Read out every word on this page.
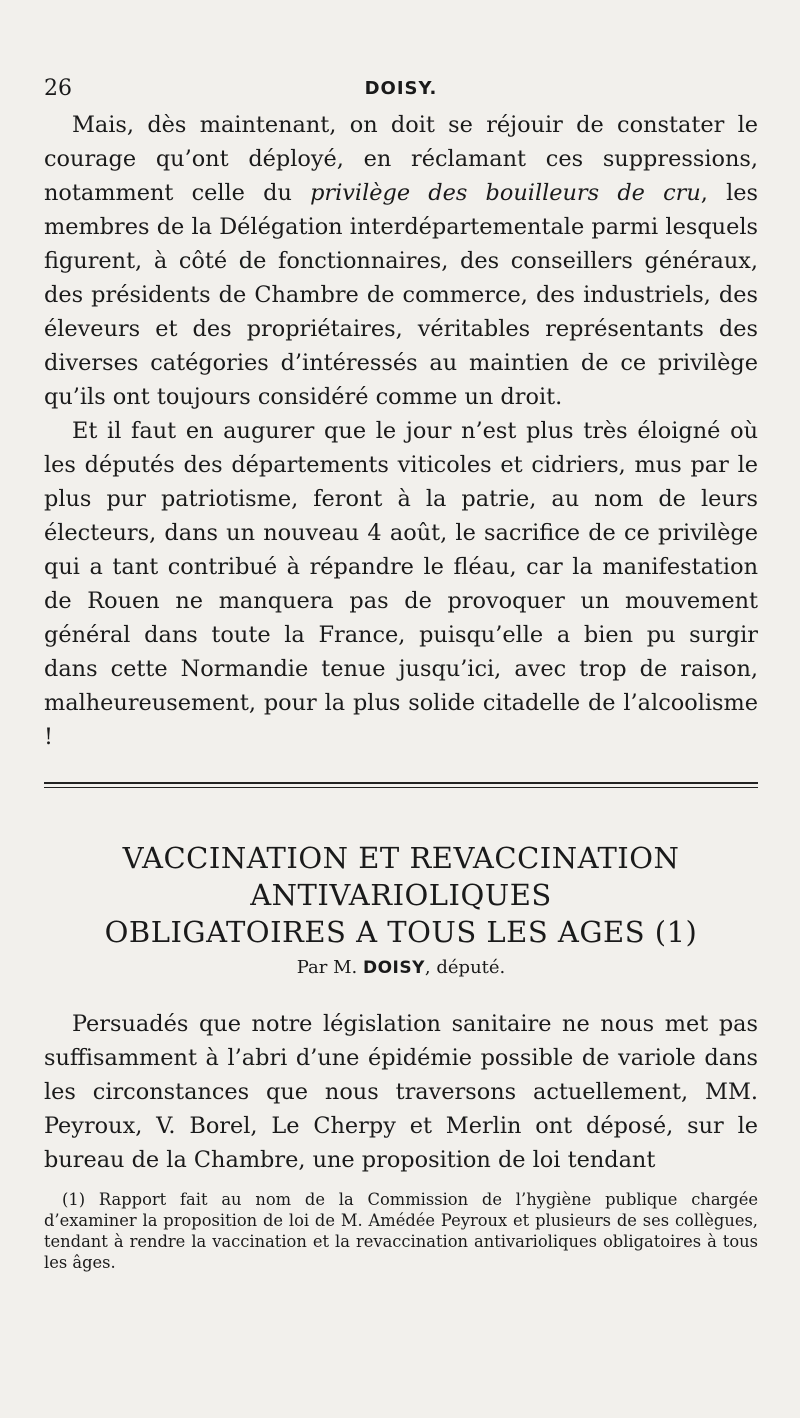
26	DOISY.

Mais, dès maintenant, on doit se réjouir de constater le courage qu’ont déployé, en réclamant ces suppressions, notamment celle du privilège des bouilleurs de cru, les membres de la Délégation interdépartementale parmi lesquels figurent, à côté de fonctionnaires, des conseillers généraux, des présidents de Chambre de commerce, des industriels, des éleveurs et des propriétaires, véritables représentants des diverses catégories d’intéressés au maintien de ce privilège qu’ils ont toujours considéré comme un droit.

Et il faut en augurer que le jour n’est plus très éloigné où les députés des départements viticoles et cidriers, mus par le plus pur patriotisme, feront à la patrie, au nom de leurs électeurs, dans un nouveau 4 août, le sacrifice de ce privilège qui a tant contribué à répandre le fléau, car la manifestation de Rouen ne manquera pas de provoquer un mouvement général dans toute la France, puisqu’elle a bien pu surgir dans cette Normandie tenue jusqu’ici, avec trop de raison, malheureusement, pour la plus solide citadelle de l’alcoolisme !

VACCINATION ET REVACCINATION
ANTIVARIOLIQUES
OBLIGATOIRES A TOUS LES AGES (1)
Par M. DOISY, député.

Persuadés que notre législation sanitaire ne nous met pas suffisamment à l’abri d’une épidémie possible de variole dans les circonstances que nous traversons actuellement, MM. Peyroux, V. Borel, Le Cherpy et Merlin ont déposé, sur le bureau de la Chambre, une proposition de loi tendant

(1) Rapport fait au nom de la Commission de l’hygiène publique chargée d’examiner la proposition de loi de M. Amédée Peyroux et plusieurs de ses collègues, tendant à rendre la vaccination et la revaccination antivarioliques obligatoires à tous les âges.
